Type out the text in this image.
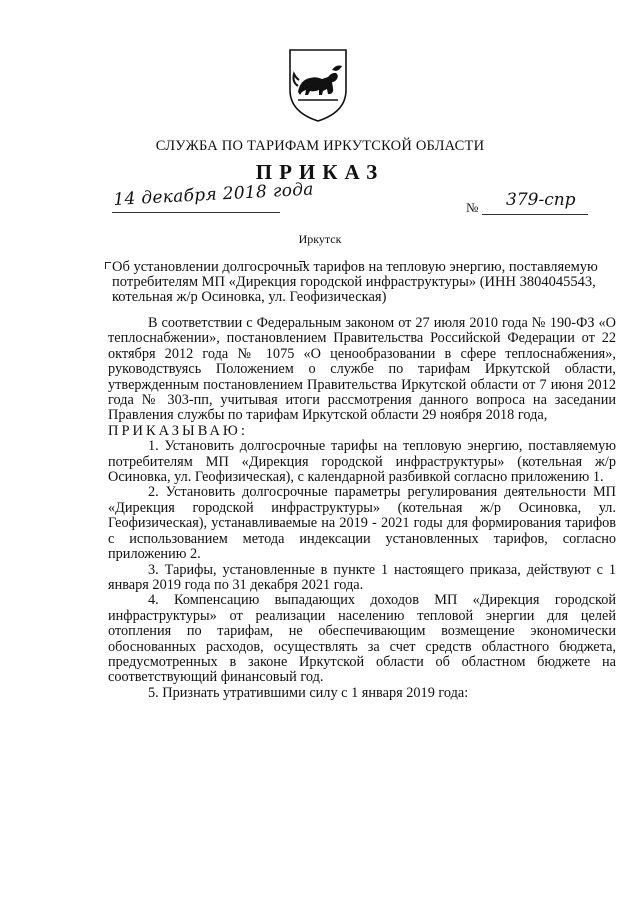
СЛУЖБА ПО ТАРИФАМ ИРКУТСКОЙ ОБЛАСТИ
ПРИКАЗ
14 декабря 2018 года	№ 379-спр
Иркутск
Об установлении долгосрочных тарифов на тепловую энергию, поставляемую потребителям МП «Дирекция городской инфраструктуры» (ИНН 3804045543, котельная ж/р Осиновка, ул. Геофизическая)

В соответствии с Федеральным законом от 27 июля 2010 года № 190-ФЗ «О теплоснабжении», постановлением Правительства Российской Федерации от 22 октября 2012 года № 1075 «О ценообразовании в сфере теплоснабжения», руководствуясь Положением о службе по тарифам Иркутской области, утвержденным постановлением Правительства Иркутской области от 7 июня 2012 года № 303-пп, учитывая итоги рассмотрения данного вопроса на заседании Правления службы по тарифам Иркутской области 29 ноября 2018 года,

ПРИКАЗЫВАЮ:

1. Установить долгосрочные тарифы на тепловую энергию, поставляемую потребителям МП «Дирекция городской инфраструктуры» (котельная ж/р Осиновка, ул. Геофизическая), с календарной разбивкой согласно приложению 1.

2. Установить долгосрочные параметры регулирования деятельности МП «Дирекция городской инфраструктуры» (котельная ж/р Осиновка, ул. Геофизическая), устанавливаемые на 2019 - 2021 годы для формирования тарифов с использованием метода индексации установленных тарифов, согласно приложению 2.

3. Тарифы, установленные в пункте 1 настоящего приказа, действуют с 1 января 2019 года по 31 декабря 2021 года.

4. Компенсацию выпадающих доходов МП «Дирекция городской инфраструктуры» от реализации населению тепловой энергии для целей отопления по тарифам, не обеспечивающим возмещение экономически обоснованных расходов, осуществлять за счет средств областного бюджета, предусмотренных в законе Иркутской области об областном бюджете на соответствующий финансовый год.

5. Признать утратившими силу с 1 января 2019 года:
